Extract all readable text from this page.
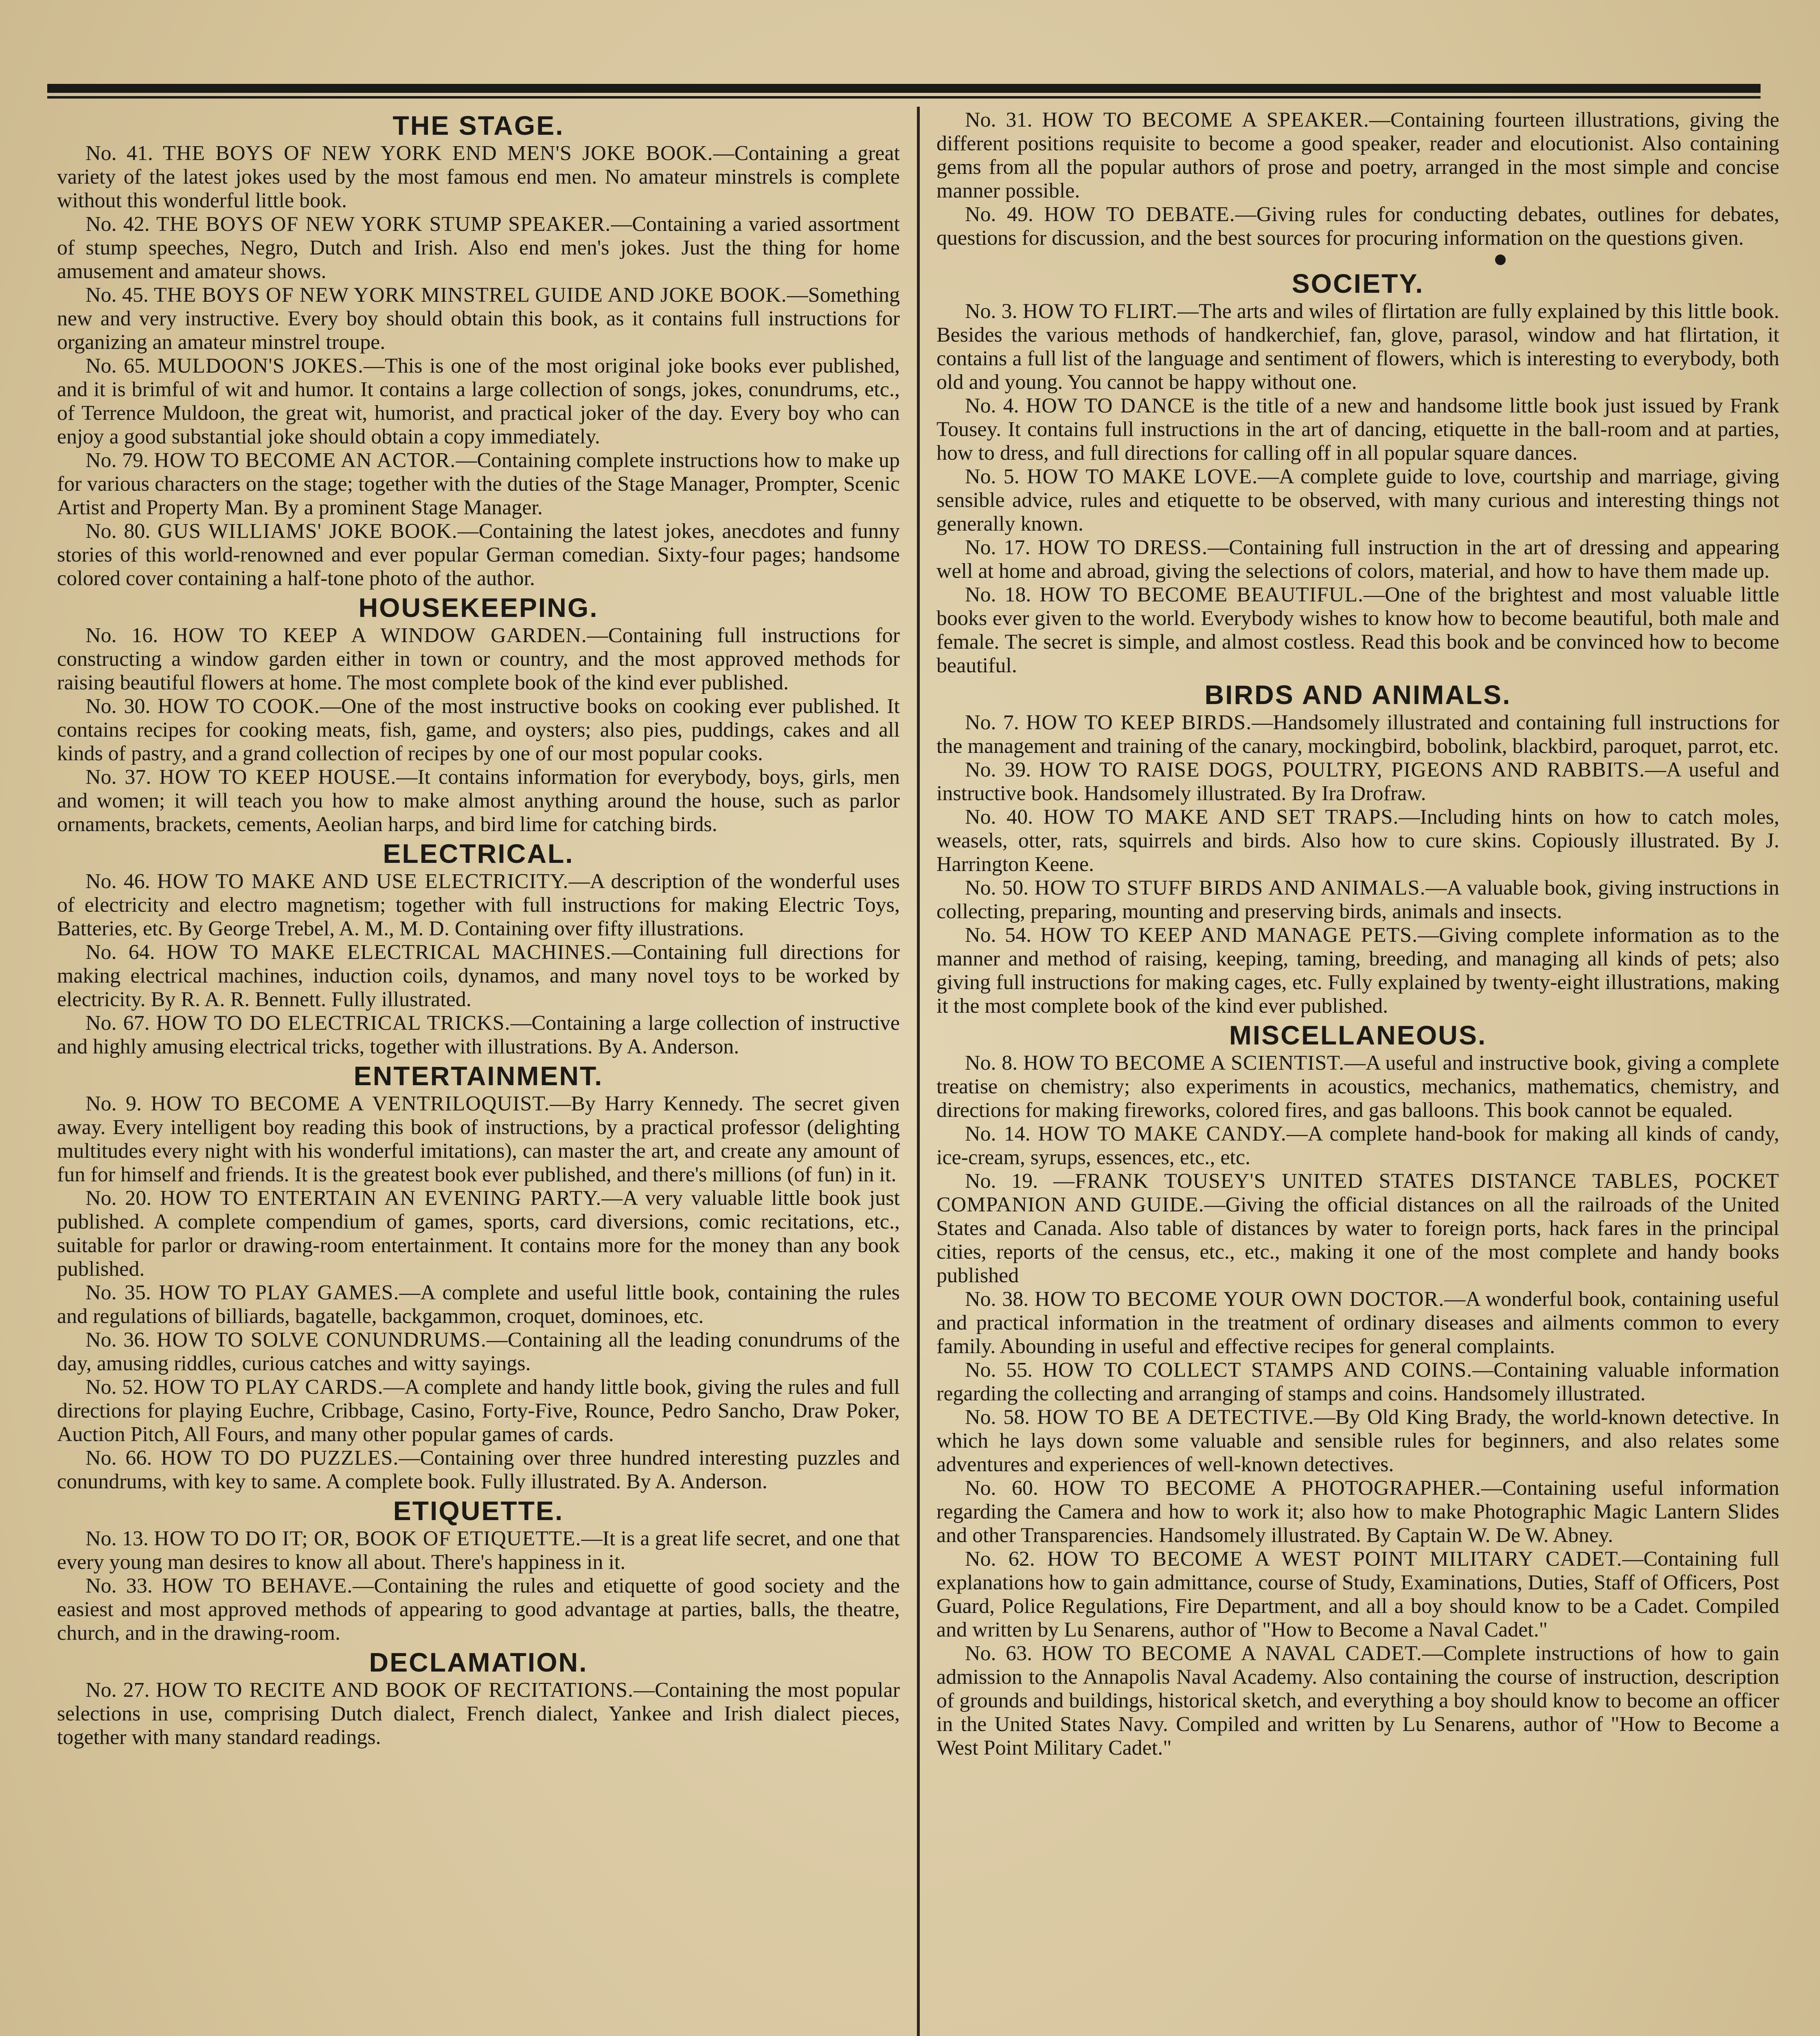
THE STAGE.

No. 41. THE BOYS OF NEW YORK END MEN'S JOKE BOOK.—Containing a great variety of the latest jokes used by the most famous end men. No amateur minstrels is complete without this wonderful little book.

No. 42. THE BOYS OF NEW YORK STUMP SPEAKER.—Containing a varied assortment of stump speeches, Negro, Dutch and Irish. Also end men's jokes. Just the thing for home amusement and amateur shows.

No. 45. THE BOYS OF NEW YORK MINSTREL GUIDE AND JOKE BOOK.—Something new and very instructive. Every boy should obtain this book, as it contains full instructions for organizing an amateur minstrel troupe.

No. 65. MULDOON'S JOKES.—This is one of the most original joke books ever published, and it is brimful of wit and humor. It contains a large collection of songs, jokes, conundrums, etc., of Terrence Muldoon, the great wit, humorist, and practical joker of the day. Every boy who can enjoy a good substantial joke should obtain a copy immediately.

No. 79. HOW TO BECOME AN ACTOR.—Containing complete instructions how to make up for various characters on the stage; together with the duties of the Stage Manager, Prompter, Scenic Artist and Property Man. By a prominent Stage Manager.

No. 80. GUS WILLIAMS' JOKE BOOK.—Containing the latest jokes, anecdotes and funny stories of this world-renowned and ever popular German comedian. Sixty-four pages; handsome colored cover containing a half-tone photo of the author.

HOUSEKEEPING.

No. 16. HOW TO KEEP A WINDOW GARDEN.—Containing full instructions for constructing a window garden either in town or country, and the most approved methods for raising beautiful flowers at home. The most complete book of the kind ever published.

No. 30. HOW TO COOK.—One of the most instructive books on cooking ever published. It contains recipes for cooking meats, fish, game, and oysters; also pies, puddings, cakes and all kinds of pastry, and a grand collection of recipes by one of our most popular cooks.

No. 37. HOW TO KEEP HOUSE.—It contains information for everybody, boys, girls, men and women; it will teach you how to make almost anything around the house, such as parlor ornaments, brackets, cements, Aeolian harps, and bird lime for catching birds.

ELECTRICAL.

No. 46. HOW TO MAKE AND USE ELECTRICITY.—A description of the wonderful uses of electricity and electro magnetism; together with full instructions for making Electric Toys, Batteries, etc. By George Trebel, A. M., M. D. Containing over fifty illustrations.

No. 64. HOW TO MAKE ELECTRICAL MACHINES.—Containing full directions for making electrical machines, induction coils, dynamos, and many novel toys to be worked by electricity. By R. A. R. Bennett. Fully illustrated.

No. 67. HOW TO DO ELECTRICAL TRICKS.—Containing a large collection of instructive and highly amusing electrical tricks, together with illustrations. By A. Anderson.

ENTERTAINMENT.

No. 9. HOW TO BECOME A VENTRILOQUIST.—By Harry Kennedy. The secret given away. Every intelligent boy reading this book of instructions, by a practical professor (delighting multitudes every night with his wonderful imitations), can master the art, and create any amount of fun for himself and friends. It is the greatest book ever published, and there's millions (of fun) in it.

No. 20. HOW TO ENTERTAIN AN EVENING PARTY.—A very valuable little book just published. A complete compendium of games, sports, card diversions, comic recitations, etc., suitable for parlor or drawing-room entertainment. It contains more for the money than any book published.

No. 35. HOW TO PLAY GAMES.—A complete and useful little book, containing the rules and regulations of billiards, bagatelle, backgammon, croquet, dominoes, etc.

No. 36. HOW TO SOLVE CONUNDRUMS.—Containing all the leading conundrums of the day, amusing riddles, curious catches and witty sayings.

No. 52. HOW TO PLAY CARDS.—A complete and handy little book, giving the rules and full directions for playing Euchre, Cribbage, Casino, Forty-Five, Rounce, Pedro Sancho, Draw Poker, Auction Pitch, All Fours, and many other popular games of cards.

No. 66. HOW TO DO PUZZLES.—Containing over three hundred interesting puzzles and conundrums, with key to same. A complete book. Fully illustrated. By A. Anderson.

ETIQUETTE.

No. 13. HOW TO DO IT; OR, BOOK OF ETIQUETTE.—It is a great life secret, and one that every young man desires to know all about. There's happiness in it.

No. 33. HOW TO BEHAVE.—Containing the rules and etiquette of good society and the easiest and most approved methods of appearing to good advantage at parties, balls, the theatre, church, and in the drawing-room.

DECLAMATION.

No. 27. HOW TO RECITE AND BOOK OF RECITATIONS.—Containing the most popular selections in use, comprising Dutch dialect, French dialect, Yankee and Irish dialect pieces, together with many standard readings.

No. 31. HOW TO BECOME A SPEAKER.—Containing fourteen illustrations, giving the different positions requisite to become a good speaker, reader and elocutionist. Also containing gems from all the popular authors of prose and poetry, arranged in the most simple and concise manner possible.

No. 49. HOW TO DEBATE.—Giving rules for conducting debates, outlines for debates, questions for discussion, and the best sources for procuring information on the questions given.

SOCIETY.

No. 3. HOW TO FLIRT.—The arts and wiles of flirtation are fully explained by this little book. Besides the various methods of handkerchief, fan, glove, parasol, window and hat flirtation, it contains a full list of the language and sentiment of flowers, which is interesting to everybody, both old and young. You cannot be happy without one.

No. 4. HOW TO DANCE is the title of a new and handsome little book just issued by Frank Tousey. It contains full instructions in the art of dancing, etiquette in the ball-room and at parties, how to dress, and full directions for calling off in all popular square dances.

No. 5. HOW TO MAKE LOVE.—A complete guide to love, courtship and marriage, giving sensible advice, rules and etiquette to be observed, with many curious and interesting things not generally known.

No. 17. HOW TO DRESS.—Containing full instruction in the art of dressing and appearing well at home and abroad, giving the selections of colors, material, and how to have them made up.

No. 18. HOW TO BECOME BEAUTIFUL.—One of the brightest and most valuable little books ever given to the world. Everybody wishes to know how to become beautiful, both male and female. The secret is simple, and almost costless. Read this book and be convinced how to become beautiful.

BIRDS AND ANIMALS.

No. 7. HOW TO KEEP BIRDS.—Handsomely illustrated and containing full instructions for the management and training of the canary, mockingbird, bobolink, blackbird, paroquet, parrot, etc.

No. 39. HOW TO RAISE DOGS, POULTRY, PIGEONS AND RABBITS.—A useful and instructive book. Handsomely illustrated. By Ira Drofraw.

No. 40. HOW TO MAKE AND SET TRAPS.—Including hints on how to catch moles, weasels, otter, rats, squirrels and birds. Also how to cure skins. Copiously illustrated. By J. Harrington Keene.

No. 50. HOW TO STUFF BIRDS AND ANIMALS.—A valuable book, giving instructions in collecting, preparing, mounting and preserving birds, animals and insects.

No. 54. HOW TO KEEP AND MANAGE PETS.—Giving complete information as to the manner and method of raising, keeping, taming, breeding, and managing all kinds of pets; also giving full instructions for making cages, etc. Fully explained by twenty-eight illustrations, making it the most complete book of the kind ever published.

MISCELLANEOUS.

No. 8. HOW TO BECOME A SCIENTIST.—A useful and instructive book, giving a complete treatise on chemistry; also experiments in acoustics, mechanics, mathematics, chemistry, and directions for making fireworks, colored fires, and gas balloons. This book cannot be equaled.

No. 14. HOW TO MAKE CANDY.—A complete hand-book for making all kinds of candy, ice-cream, syrups, essences, etc., etc.

No. 19. —FRANK TOUSEY'S UNITED STATES DISTANCE TABLES, POCKET COMPANION AND GUIDE.—Giving the official distances on all the railroads of the United States and Canada. Also table of distances by water to foreign ports, hack fares in the principal cities, reports of the census, etc., etc., making it one of the most complete and handy books published

No. 38. HOW TO BECOME YOUR OWN DOCTOR.—A wonderful book, containing useful and practical information in the treatment of ordinary diseases and ailments common to every family. Abounding in useful and effective recipes for general complaints.

No. 55. HOW TO COLLECT STAMPS AND COINS.—Containing valuable information regarding the collecting and arranging of stamps and coins. Handsomely illustrated.

No. 58. HOW TO BE A DETECTIVE.—By Old King Brady, the world-known detective. In which he lays down some valuable and sensible rules for beginners, and also relates some adventures and experiences of well-known detectives.

No. 60. HOW TO BECOME A PHOTOGRAPHER.—Containing useful information regarding the Camera and how to work it; also how to make Photographic Magic Lantern Slides and other Transparencies. Handsomely illustrated. By Captain W. De W. Abney.

No. 62. HOW TO BECOME A WEST POINT MILITARY CADET.—Containing full explanations how to gain admittance, course of Study, Examinations, Duties, Staff of Officers, Post Guard, Police Regulations, Fire Department, and all a boy should know to be a Cadet. Compiled and written by Lu Senarens, author of "How to Become a Naval Cadet."

No. 63. HOW TO BECOME A NAVAL CADET.—Complete instructions of how to gain admission to the Annapolis Naval Academy. Also containing the course of instruction, description of grounds and buildings, historical sketch, and everything a boy should know to become an officer in the United States Navy. Compiled and written by Lu Senarens, author of "How to Become a West Point Military Cadet."
